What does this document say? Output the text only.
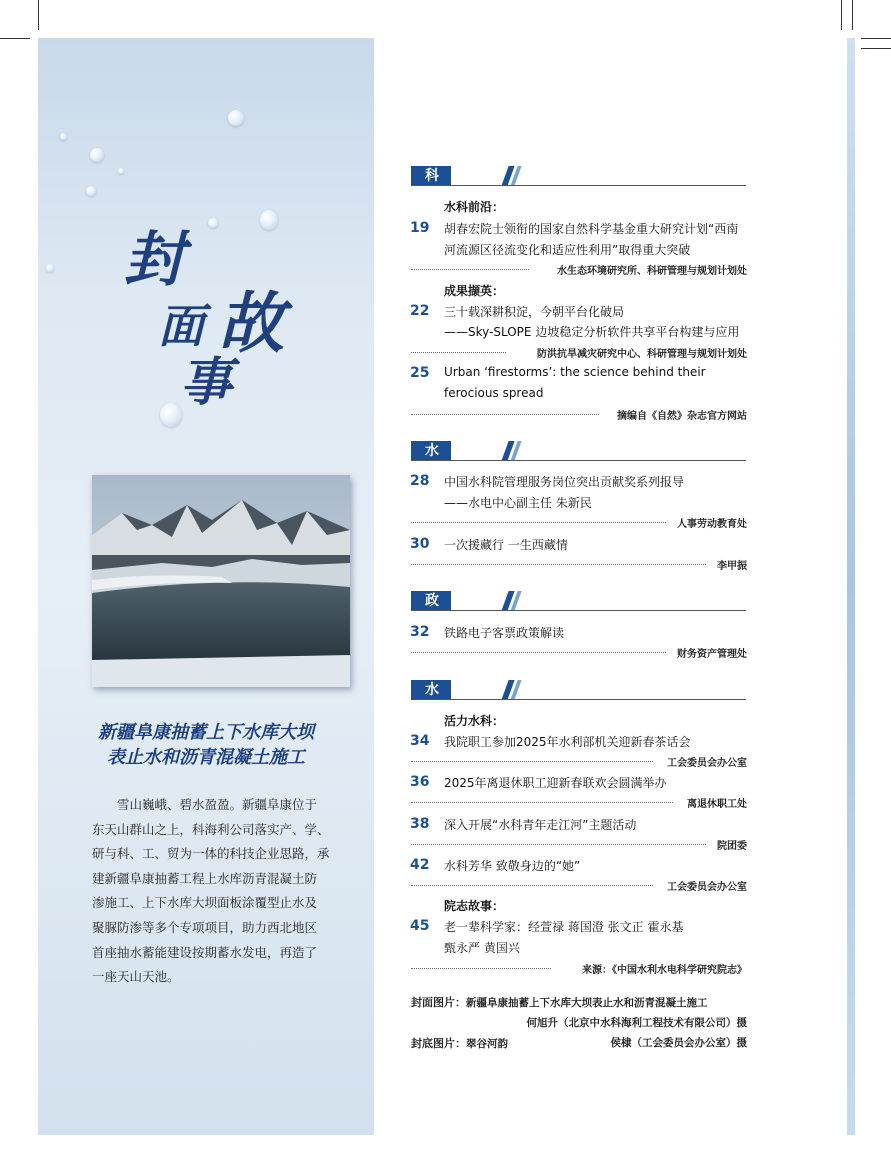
封
面 故
事
新疆阜康抽蓄上下水库大坝
表止水和沥青混凝土施工
雪山巍峨、碧水盈盈。新疆阜康位于
东天山群山之上，科海利公司落实产、学、
研与科、工、贸为一体的科技企业思路，承
建新疆阜康抽蓄工程上水库沥青混凝土防
渗施工、上下水库大坝面板涂覆型止水及
聚脲防渗等多个专项项目，助力西北地区
首座抽水蓄能建设按期蓄水发电，再造了
一座天山天池。
科研荟萃
水科前沿：
19 胡春宏院士领衔的国家自然科学基金重大研究计划“西南
河流源区径流变化和适应性利用”取得重大突破
水生态环境研究所、科研管理与规划计划处
成果撷英：
22 三十载深耕积淀，今朝平台化破局
——Sky-SLOPE 边坡稳定分析软件共享平台构建与应用
防洪抗旱减灾研究中心、科研管理与规划计划处
25 Urban ‘firestorms’: the science behind their
ferocious spread
摘编自《自然》杂志官方网站
水科人才
28 中国水科院管理服务岗位突出贡献奖系列报导
——水电中心副主任 朱新民
人事劳动教育处
30 一次援藏行 一生西藏情
李甲振
政策解读
32 铁路电子客票政策解读
财务资产管理处
水科文化
活力水科：
34 我院职工参加2025年水利部机关迎新春茶话会
工会委员会办公室
36 2025年离退休职工迎新春联欢会圆满举办
离退休职工处
38 深入开展“水科青年走江河”主题活动
院团委
42 水科芳华 致敬身边的“她”
工会委员会办公室
院志故事：
45 老一辈科学家：经萱禄 蒋国澄 张文正 霍永基
甄永严 黄国兴
来源：《中国水利水电科学研究院志》
封面图片：新疆阜康抽蓄上下水库大坝表止水和沥青混凝土施工
何旭升（北京中水科海利工程技术有限公司）摄
封底图片：翠谷河韵	侯棣（工会委员会办公室）摄
